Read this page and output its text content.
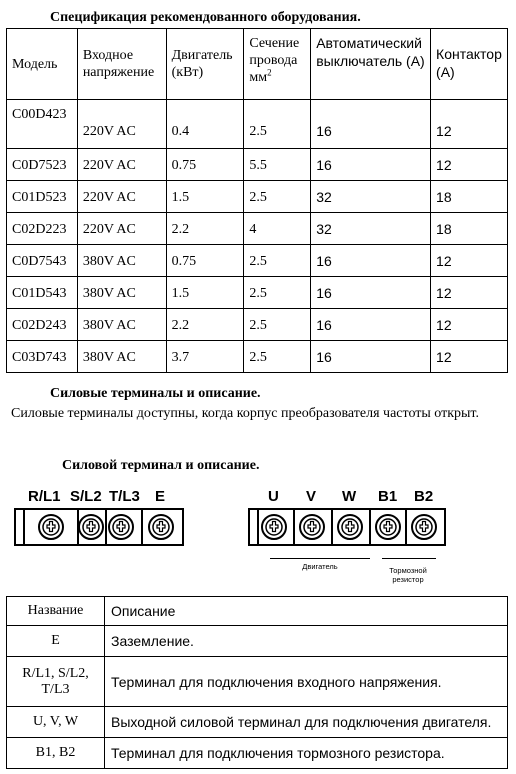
Спецификация рекомендованного оборудования.
Модель	Входное напряжение	Двигатель (кВт)	Сечение провода $мм^2$	Автоматический выключатель (А)	Контактор (А)
C00D423	220V AC	0.4	2.5	16	12
C0D7523	220V AC	0.75	5.5	16	12
C01D523	220V AC	1.5	2.5	32	18
C02D223	220V AC	2.2	4	32	18
C0D7543	380V AC	0.75	2.5	16	12
C01D543	380V AC	1.5	2.5	16	12
C02D243	380V AC	2.2	2.5	16	12
C03D743	380V AC	3.7	2.5	16	12
Силовые терминалы и описание.
Силовые терминалы доступны, когда корпус преобразователя частоты открыт.
Силовой терминал и описание.
R/L1 S/L2 T/L3 E	U V W B1 B2
Двигатель	Тормозной
резистор
Название	Описание
E	Заземление.

R/L1, S/L2,
T/L3	Терминал для подключения входного напряжения.
U, V, W	Выходной силовой терминал для подключения двигателя.
B1, B2	Терминал для подключения тормозного резистора.
